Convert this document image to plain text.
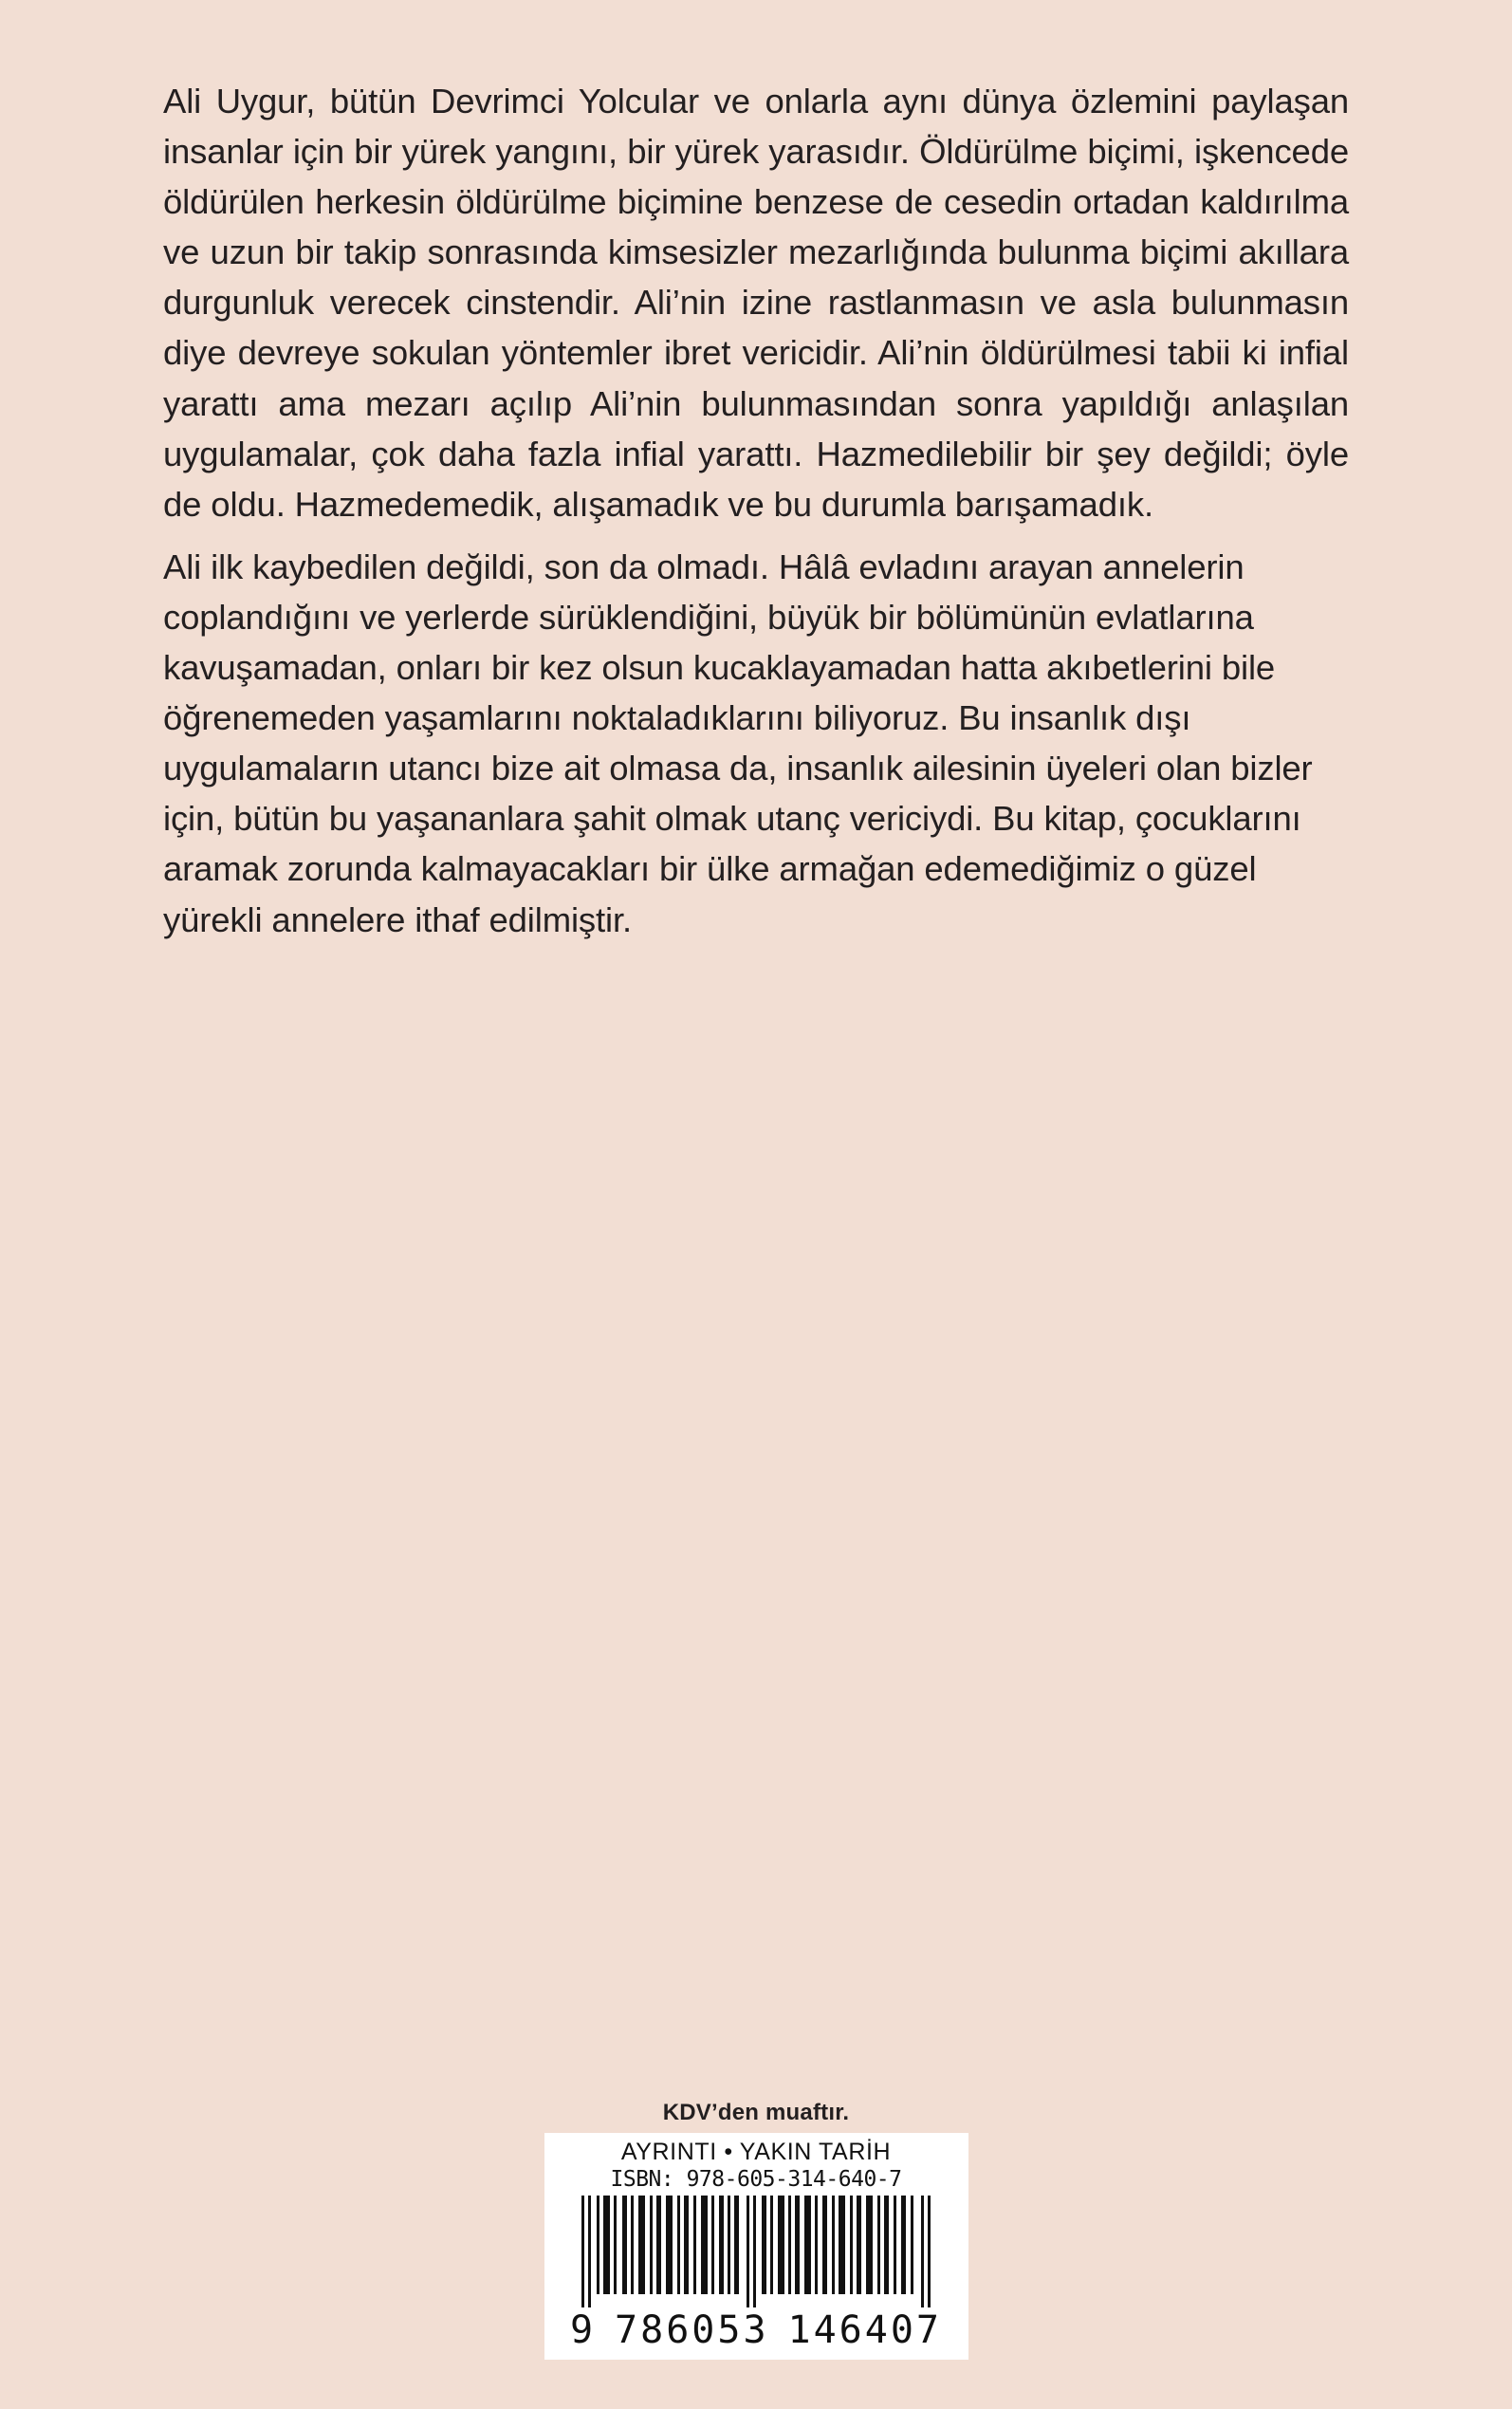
Ali Uygur, bütün Devrimci Yolcular ve onlarla aynı dünya özlemini paylaşan insanlar için bir yürek yangını, bir yürek yarasıdır. Öldürülme biçimi, işkencede öldürülen herkesin öldürülme biçimine benzese de cesedin ortadan kaldırılma ve uzun bir takip sonrasında kimsesizler mezarlığında bulunma biçimi akıllara durgunluk verecek cinstendir. Ali’nin izine rastlanmasın ve asla bulunmasın diye devreye sokulan yöntemler ibret vericidir. Ali’nin öldürülmesi tabii ki infial yarattı ama mezarı açılıp Ali’nin bulunmasından sonra yapıldığı anlaşılan uygulamalar, çok daha fazla infial yarattı. Hazmedilebilir bir şey değildi; öyle de oldu. Hazmedemedik, alışamadık ve bu durumla barışamadık.

Ali ilk kaybedilen değildi, son da olmadı. Hâlâ evladını arayan annelerin coplandığını ve yerlerde sürüklendiğini, büyük bir bölümünün evlatlarına kavuşamadan, onları bir kez olsun kucaklayamadan hatta akıbetlerini bile öğrenemeden yaşamlarını noktaladıklarını biliyoruz. Bu insanlık dışı uygulamaların utancı bize ait olmasa da, insanlık ailesinin üyeleri olan bizler için, bütün bu yaşananlara şahit olmak utanç vericiydi. Bu kitap, çocuklarını aramak zorunda kalmayacakları bir ülke armağan edemediğimiz o güzel yürekli annelere ithaf edilmiştir.

KDV’den muaftır.
AYRINTI • YAKIN TARİH
ISBN: 978-605-314-640-7
9 786053 146407
